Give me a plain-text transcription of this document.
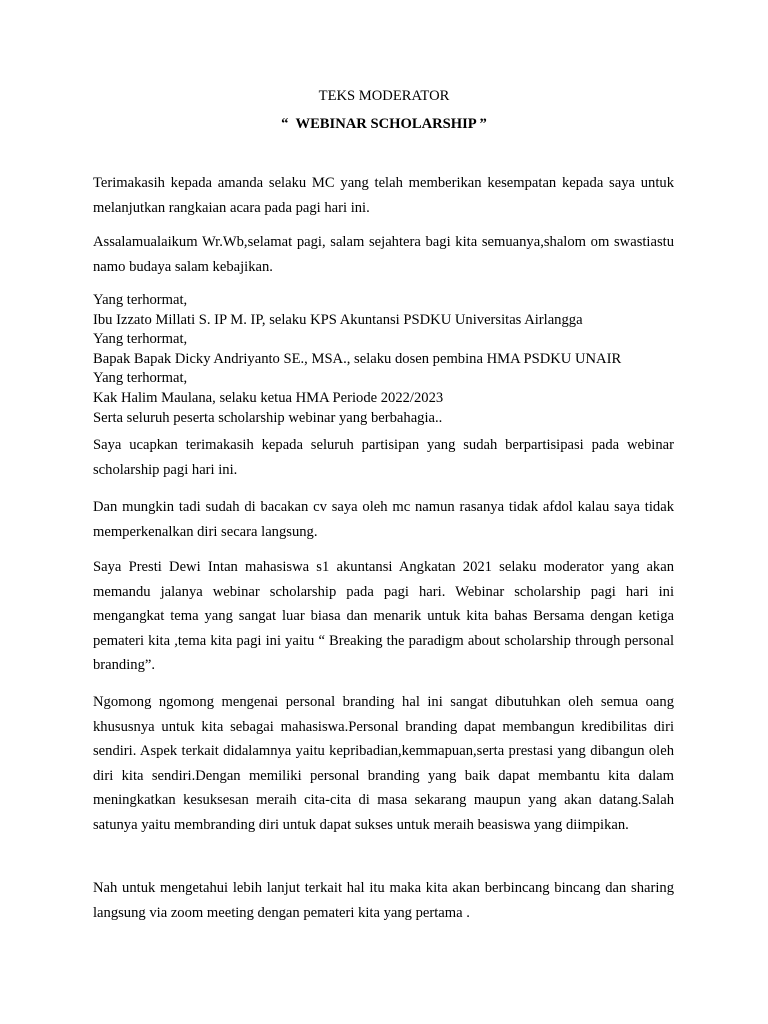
TEKS MODERATOR
“  WEBINAR SCHOLARSHIP ”
Terimakasih kepada amanda selaku MC yang telah memberikan kesempatan kepada saya untuk melanjutkan rangkaian acara pada pagi hari ini.
Assalamualaikum Wr.Wb,selamat pagi, salam sejahtera bagi kita semuanya,shalom om swastiastu namo budaya salam kebajikan.
Yang terhormat,
Ibu Izzato Millati S. IP M. IP, selaku KPS Akuntansi PSDKU Universitas Airlangga
Yang terhormat,
Bapak Bapak Dicky Andriyanto SE., MSA., selaku dosen pembina HMA PSDKU UNAIR
Yang terhormat,
Kak Halim Maulana, selaku ketua HMA Periode 2022/2023
Serta seluruh peserta scholarship webinar yang berbahagia..
Saya ucapkan terimakasih kepada seluruh partisipan yang sudah berpartisipasi pada webinar scholarship pagi hari ini.
Dan mungkin tadi sudah di bacakan cv saya oleh mc namun rasanya tidak afdol kalau saya tidak memperkenalkan diri secara langsung.
Saya Presti Dewi Intan mahasiswa s1 akuntansi Angkatan 2021 selaku moderator yang akan memandu jalanya webinar scholarship pada pagi hari. Webinar scholarship pagi hari ini mengangkat tema yang sangat luar biasa dan menarik untuk kita bahas Bersama dengan ketiga pemateri kita ,tema kita pagi ini yaitu “ Breaking the paradigm about scholarship through personal branding”.
Ngomong ngomong mengenai personal branding hal ini sangat dibutuhkan oleh semua oang khususnya untuk kita sebagai mahasiswa.Personal branding dapat membangun kredibilitas diri sendiri. Aspek terkait didalamnya yaitu kepribadian,kemmapuan,serta prestasi yang dibangun oleh diri kita sendiri.Dengan memiliki personal branding yang baik dapat membantu kita dalam meningkatkan kesuksesan meraih cita-cita di masa sekarang maupun yang akan datang.Salah satunya yaitu membranding diri untuk dapat sukses untuk meraih beasiswa yang diimpikan.
Nah untuk mengetahui lebih lanjut terkait hal itu maka kita akan berbincang bincang dan sharing langsung via zoom meeting dengan pemateri kita yang pertama .
